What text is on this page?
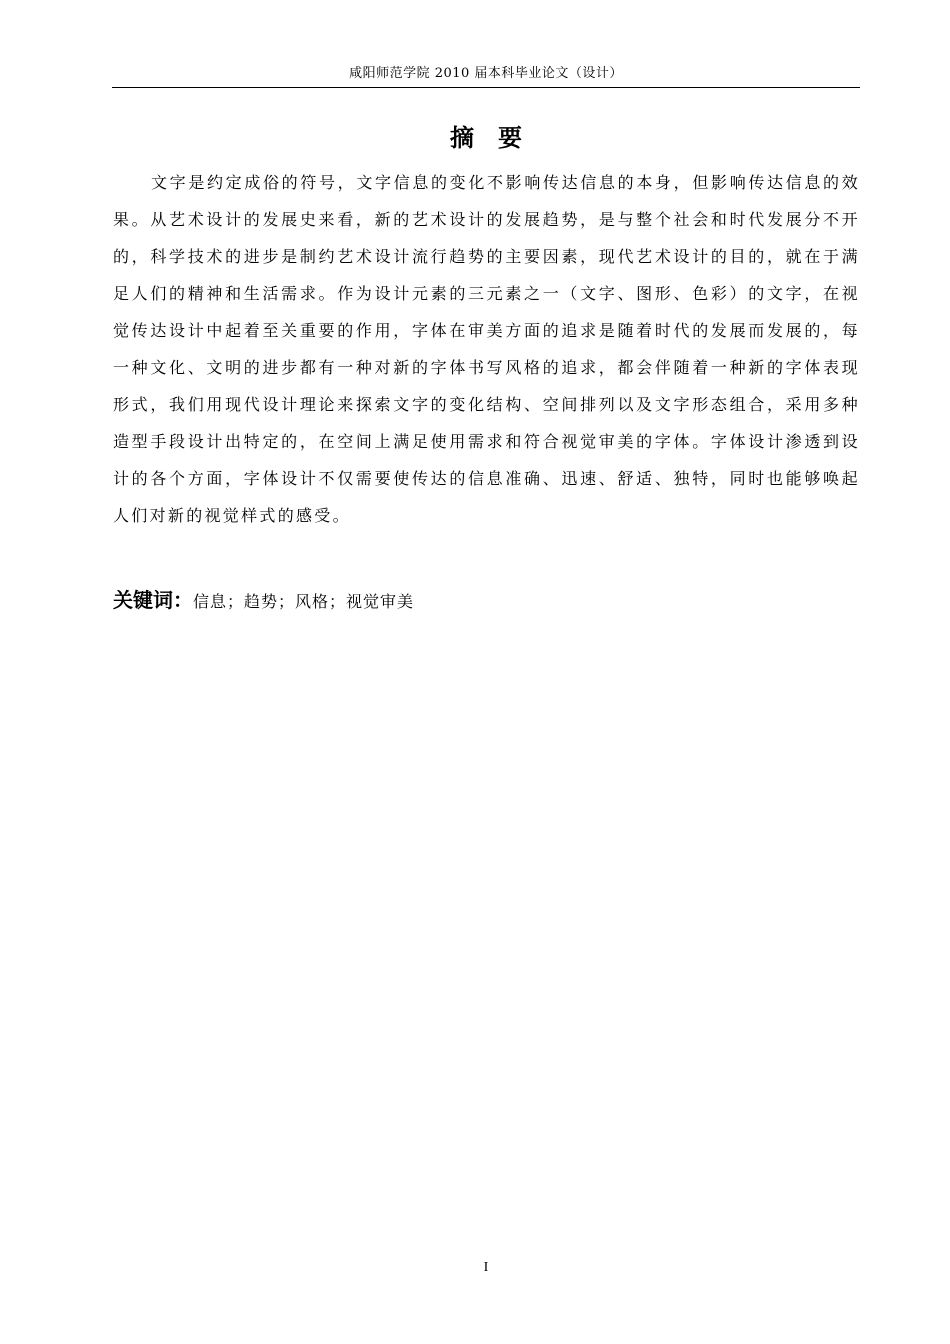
咸阳师范学院 2010 届本科毕业论文（设计）
摘要

文字是约定成俗的符号，文字信息的变化不影响传达信息的本身，但影响传达信息的效果。从艺术设计的发展史来看，新的艺术设计的发展趋势，是与整个社会和时代发展分不开的，科学技术的进步是制约艺术设计流行趋势的主要因素，现代艺术设计的目的，就在于满足人们的精神和生活需求。作为设计元素的三元素之一（文字、图形、色彩）的文字，在视觉传达设计中起着至关重要的作用，字体在审美方面的追求是随着时代的发展而发展的，每一种文化、文明的进步都有一种对新的字体书写风格的追求，都会伴随着一种新的字体表现形式，我们用现代设计理论来探索文字的变化结构、空间排列以及文字形态组合，采用多种造型手段设计出特定的，在空间上满足使用需求和符合视觉审美的字体。字体设计渗透到设计的各个方面，字体设计不仅需要使传达的信息准确、迅速、舒适、独特，同时也能够唤起人们对新的视觉样式的感受。

关键词：信息；趋势；风格；视觉审美
I
